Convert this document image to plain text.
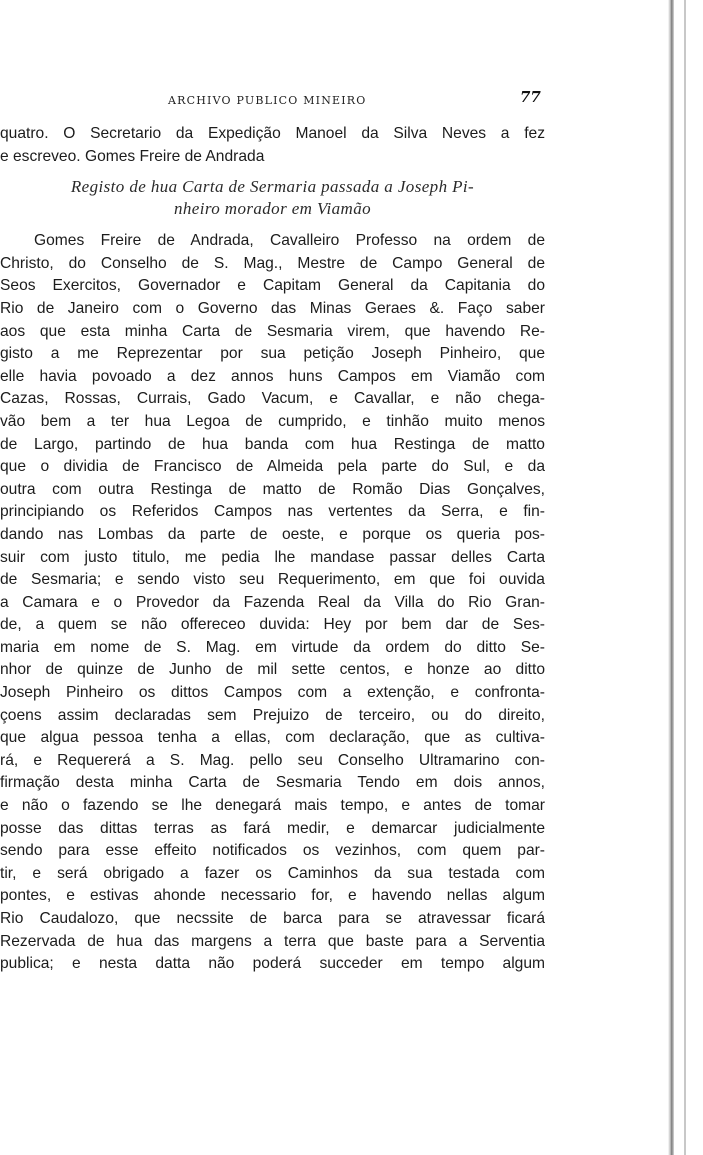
ARCHIVO PUBLICO MINEIRO	77
quatro. O Secretario da Expedição Manoel da Silva Neves a fez
e escreveo. Gomes Freire de Andrada
Registo de hua Carta de Sermaria passada a Joseph Pi-
nheiro morador em Viamão
Gomes Freire de Andrada, Cavalleiro Professo na ordem de
Christo, do Conselho de S. Mag., Mestre de Campo General de
Seos Exercitos, Governador e Capitam General da Capitania do
Rio de Janeiro com o Governo das Minas Geraes &. Faço saber
aos que esta minha Carta de Sesmaria virem, que havendo Re-
gisto a me Reprezentar por sua petição Joseph Pinheiro, que
elle havia povoado a dez annos huns Campos em Viamão com
Cazas, Rossas, Currais, Gado Vacum, e Cavallar, e não chega-
vão bem a ter hua Legoa de cumprido, e tinhão muito menos
de Largo, partindo de hua banda com hua Restinga de matto
que o dividia de Francisco de Almeida pela parte do Sul, e da
outra com outra Restinga de matto de Romão Dias Gonçalves,
principiando os Referidos Campos nas vertentes da Serra, e fin-
dando nas Lombas da parte de oeste, e porque os queria pos-
suir com justo titulo, me pedia lhe mandase passar delles Carta
de Sesmaria; e sendo visto seu Requerimento, em que foi ouvida
a Camara e o Provedor da Fazenda Real da Villa do Rio Gran-
de, a quem se não offereceo duvida: Hey por bem dar de Ses-
maria em nome de S. Mag. em virtude da ordem do ditto Se-
nhor de quinze de Junho de mil sette centos, e honze ao ditto
Joseph Pinheiro os dittos Campos com a extenção, e confronta-
çoens assim declaradas sem Prejuizo de terceiro, ou do direito,
que algua pessoa tenha a ellas, com declaração, que as cultiva-
rá, e Requererá a S. Mag. pello seu Conselho Ultramarino con-
firmação desta minha Carta de Sesmaria Tendo em dois annos,
e não o fazendo se lhe denegará mais tempo, e antes de tomar
posse das dittas terras as fará medir, e demarcar judicialmente
sendo para esse effeito notificados os vezinhos, com quem par-
tir, e será obrigado a fazer os Caminhos da sua testada com
pontes, e estivas ahonde necessario for, e havendo nellas algum
Rio Caudalozo, que necssite de barca para se atravessar ficará
Rezervada de hua das margens a terra que baste para a Serventia
publica; e nesta datta não poderá succeder em tempo algum
